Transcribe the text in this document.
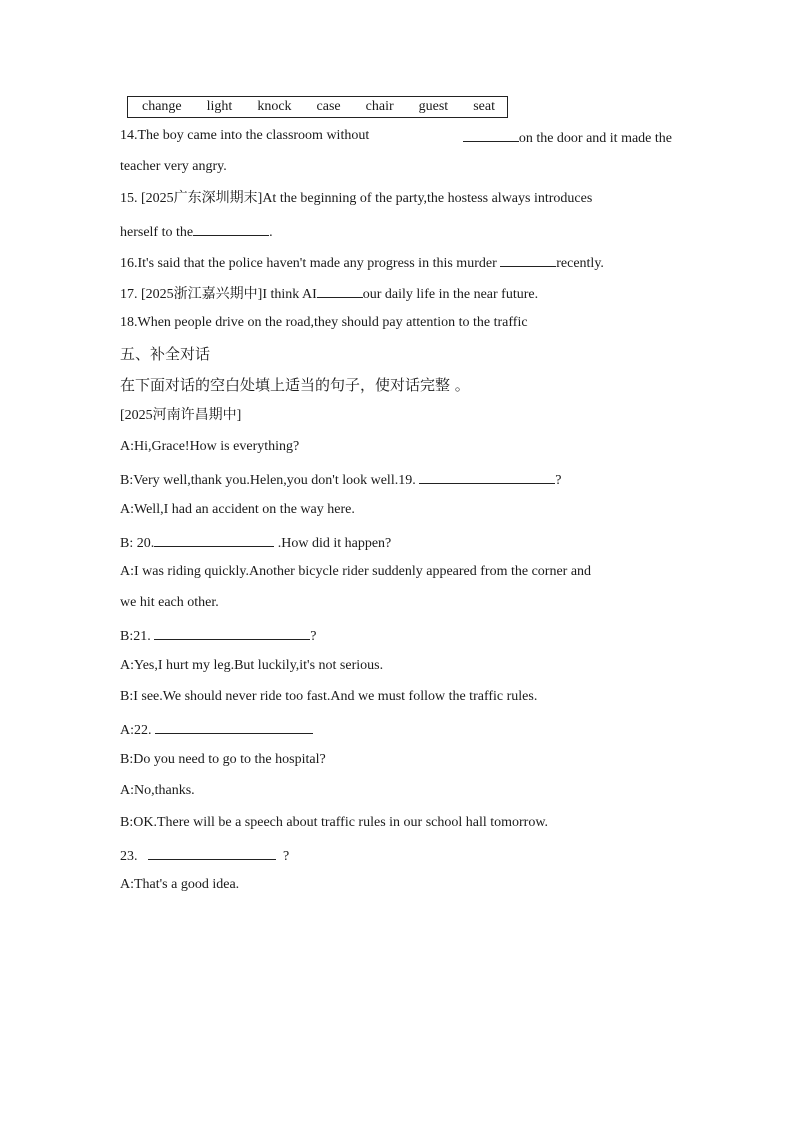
change light knock case chair guest seat
14.The boy came into the classroom without	on the door and it made the
teacher very angry.
15. [2025广东深圳期末]At the beginning of the party,the hostess always introduces
herself to the	.
16.It's said that the police haven't made any progress in this murder	recently.
17. [2025浙江嘉兴期中]I think AI	our daily life in the near future.
18.When people drive on the road,they should pay attention to the traffic
五、补全对话
在下面对话的空白处填上适当的句子，使对话完整 。
[2025河南许昌期中]
A:Hi,Grace!How is everything?
B:Very well,thank you.Helen,you don't look well.19.	?
A:Well,I had an accident on the way here.
B: 20.	.How did it happen?
A:I was riding quickly.Another bicycle rider suddenly appeared from the corner and
we hit each other.
B:21.	?
A:Yes,I hurt my leg.But luckily,it's not serious.
B:I see.We should never ride too fast.And we must follow the traffic rules.
A:22.
B:Do you need to go to the hospital?
A:No,thanks.
B:OK.There will be a speech about traffic rules in our school hall tomorrow.
23.	?
A:That's a good idea.
